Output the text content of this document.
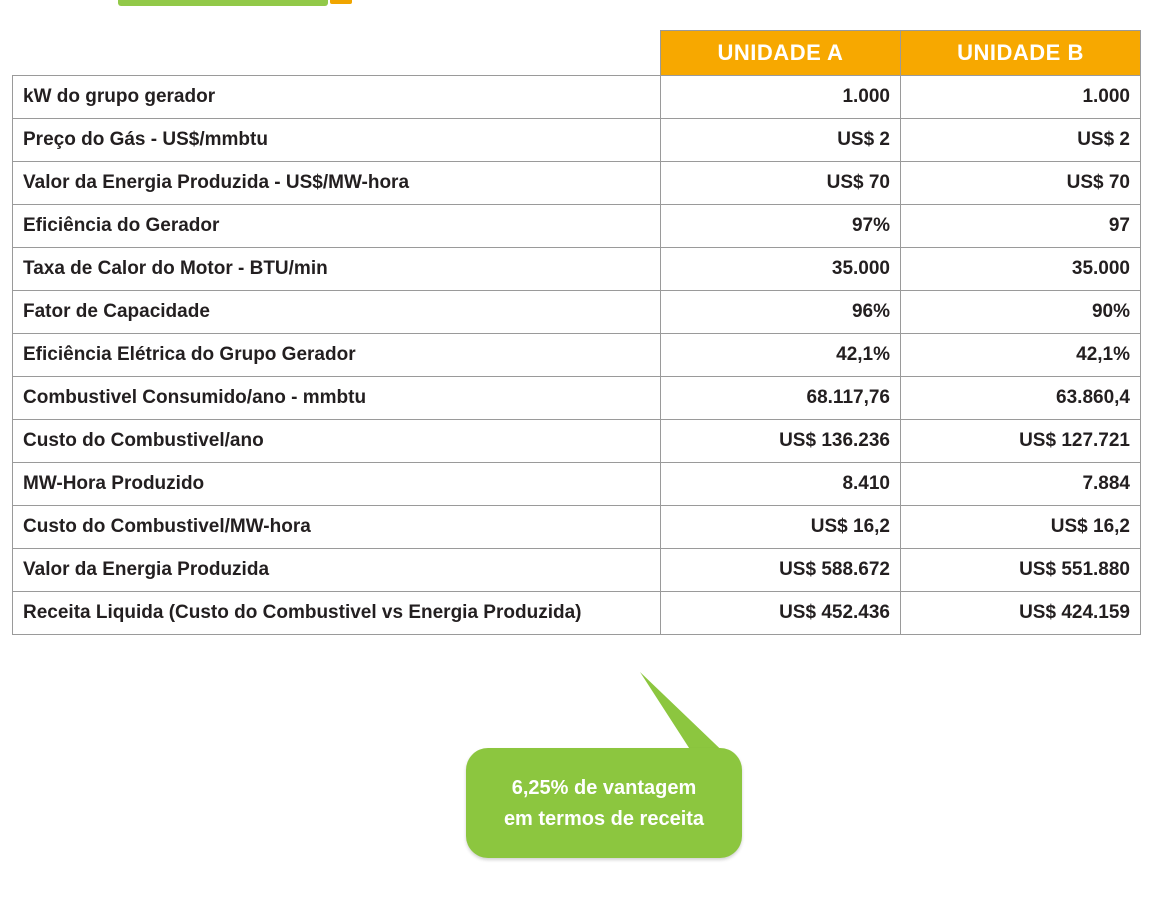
	UNIDADE A	UNIDADE B
kW do grupo gerador	1.000	1.000
Preço do Gás - US$/mmbtu	US$ 2	US$ 2
Valor da Energia Produzida - US$/MW-hora	US$ 70	US$ 70
Eficiência do Gerador	97%	97
Taxa de Calor do Motor - BTU/min	35.000	35.000
Fator de Capacidade	96%	90%
Eficiência Elétrica do Grupo Gerador	42,1%	42,1%
Combustivel Consumido/ano - mmbtu	68.117,76	63.860,4
Custo do Combustivel/ano	US$ 136.236	US$ 127.721
MW-Hora Produzido	8.410	7.884
Custo do Combustivel/MW-hora	US$ 16,2	US$ 16,2
Valor da Energia Produzida	US$ 588.672	US$ 551.880
Receita Liquida (Custo do Combustivel vs Energia Produzida)	US$ 452.436	US$ 424.159
6,25% de vantagem
em termos de receita
